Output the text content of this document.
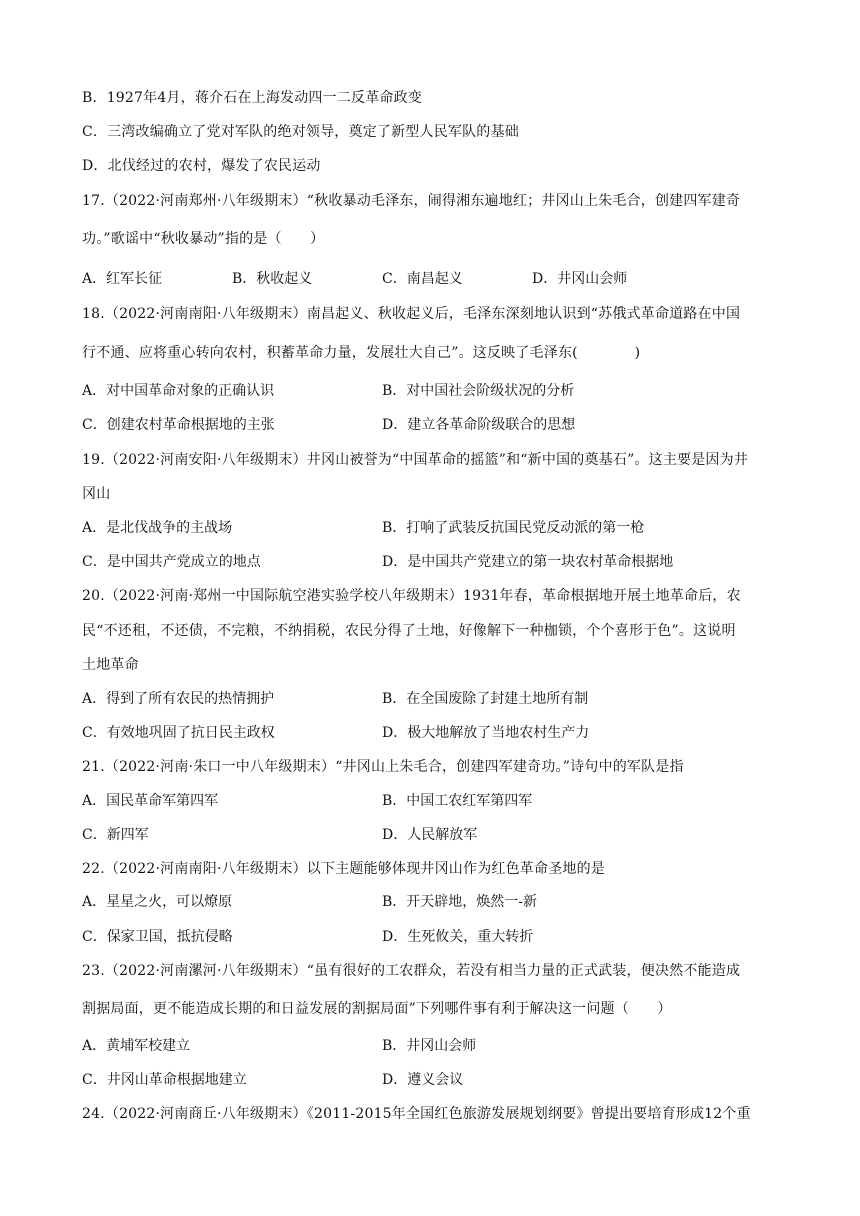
B．1927年4月，蒋介石在上海发动四一二反革命政变
C．三湾改编确立了党对军队的绝对领导，奠定了新型人民军队的基础
D．北伐经过的农村，爆发了农民运动
17.（2022·河南郑州·八年级期末）“秋收暴动毛泽东，闹得湘东遍地红；井冈山上朱毛合，创建四军建奇
功。”歌谣中“秋收暴动”指的是（　　）
A．红军长征	B．秋收起义	C．南昌起义	D．井冈山会师
18.（2022·河南南阳·八年级期末）南昌起义、秋收起义后，毛泽东深刻地认识到“苏俄式革命道路在中国
行不通、应将重心转向农村，积蓄革命力量，发展壮大自己”。这反映了毛泽东(　　　　)
A．对中国革命对象的正确认识	B．对中国社会阶级状况的分析
C．创建农村革命根据地的主张	D．建立各革命阶级联合的思想
19.（2022·河南安阳·八年级期末）井冈山被誉为“中国革命的摇篮”和“新中国的奠基石”。这主要是因为井
冈山
A．是北伐战争的主战场	B．打响了武装反抗国民党反动派的第一枪
C．是中国共产党成立的地点	D．是中国共产党建立的第一块农村革命根据地
20.（2022·河南·郑州一中国际航空港实验学校八年级期末）1931年春，革命根据地开展土地革命后，农
民“不还租，不还债，不完粮，不纳捐税，农民分得了土地，好像解下一种枷锁，个个喜形于色”。这说明
土地革命
A．得到了所有农民的热情拥护	B．在全国废除了封建土地所有制
C．有效地巩固了抗日民主政权	D．极大地解放了当地农村生产力
21.（2022·河南·朱口一中八年级期末）“井冈山上朱毛合，创建四军建奇功。”诗句中的军队是指
A．国民革命军第四军	B．中国工农红军第四军
C．新四军	D．人民解放军
22.（2022·河南南阳·八年级期末）以下主题能够体现井冈山作为红色革命圣地的是
A．星星之火，可以燎原	B．开天辟地，焕然一-新
C．保家卫国，抵抗侵略	D．生死攸关，重大转折
23.（2022·河南漯河·八年级期末）“虽有很好的工农群众，若没有相当力量的正式武装，便决然不能造成
割据局面，更不能造成长期的和日益发展的割据局面”下列哪件事有利于解决这一问题（　　）
A．黄埔军校建立	B．井冈山会师
C．井冈山革命根据地建立	D．遵义会议
24.（2022·河南商丘·八年级期末）《2011-2015年全国红色旅游发展规划纲要》曾提出要培育形成12个重
